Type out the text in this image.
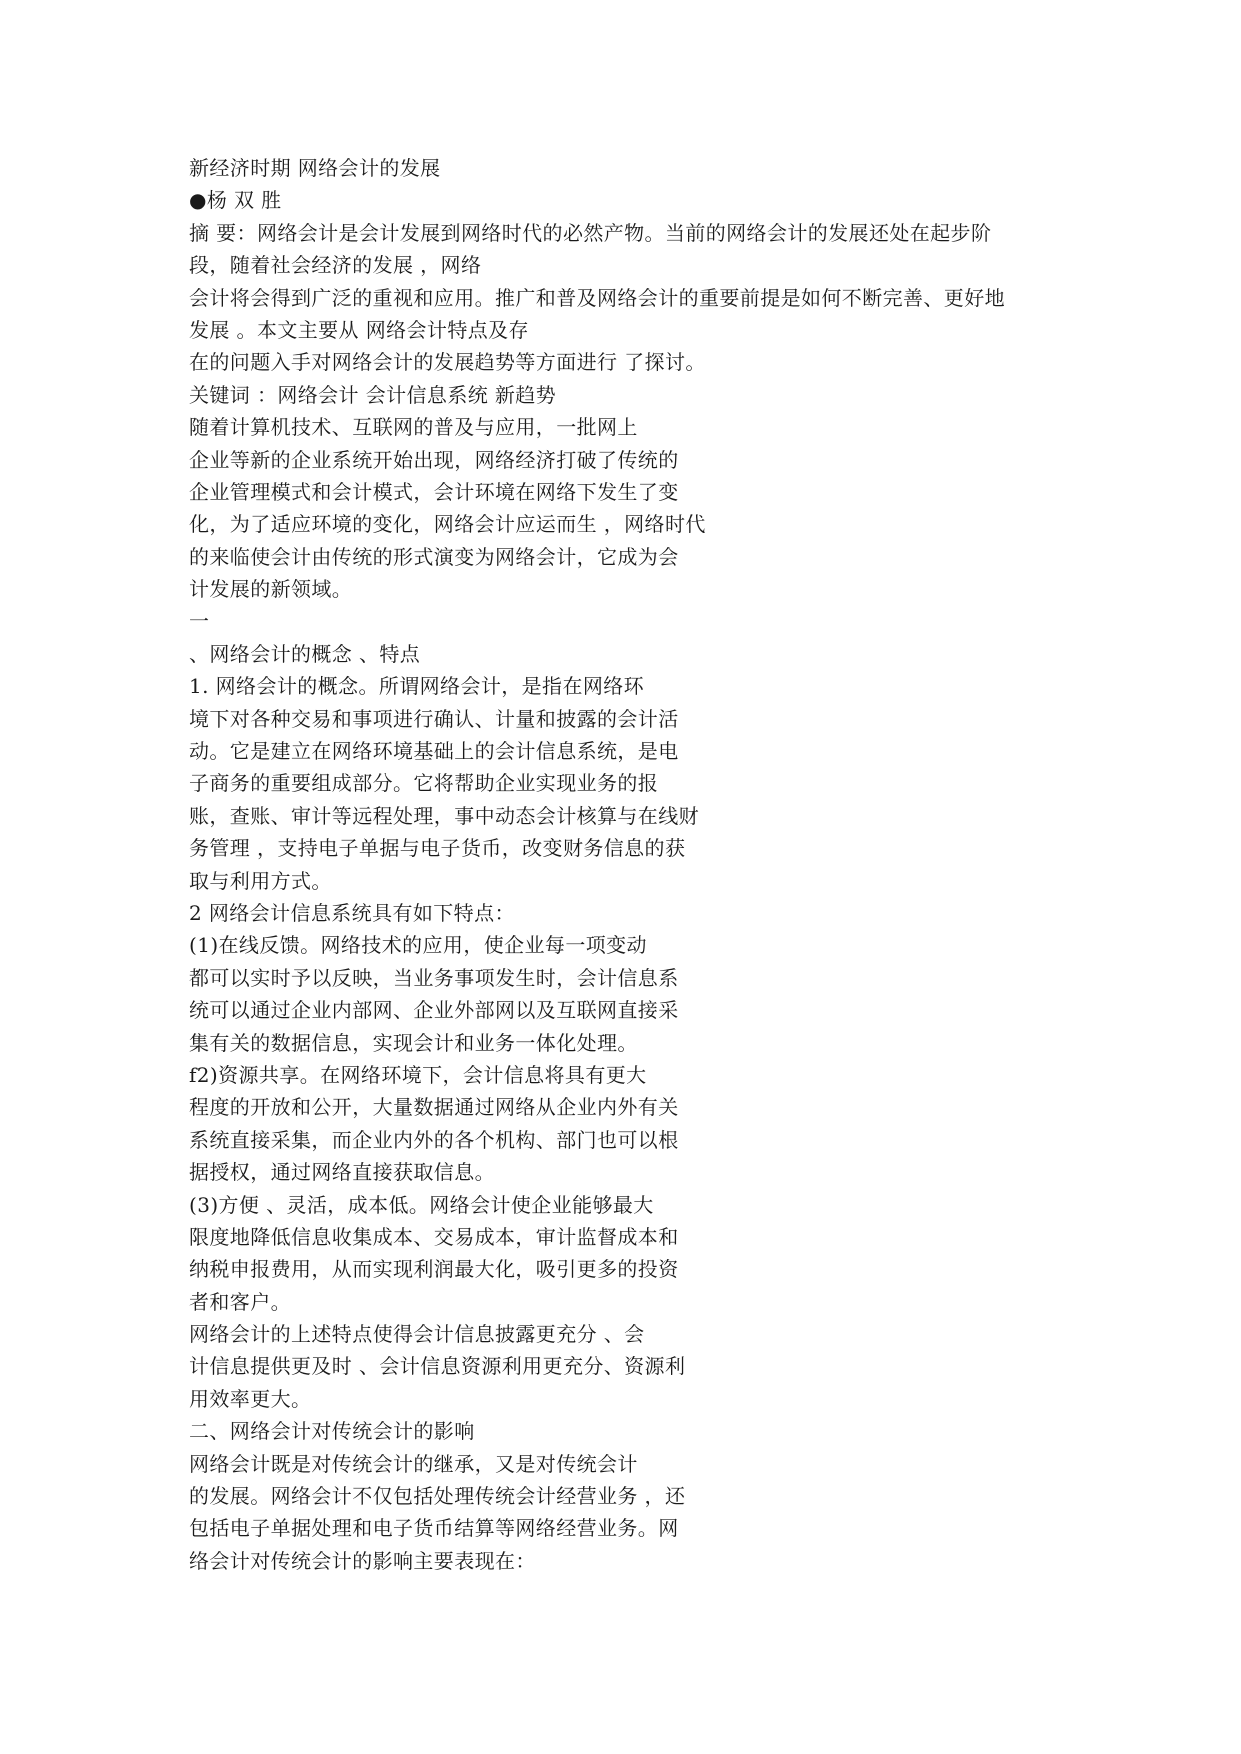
新经济时期 网络会计的发展
●杨 双 胜
摘 要：网络会计是会计发展到网络时代的必然产物。当前的网络会计的发展还处在起步阶
段，随着社会经济的发展 ，网络
会计将会得到广泛的重视和应用。推广和普及网络会计的重要前提是如何不断完善、更好地
发展 。本文主要从 网络会计特点及存
在的问题入手对网络会计的发展趋势等方面进行 了探讨。
关键词 ：网络会计 会计信息系统 新趋势
随着计算机技术、互联网的普及与应用，一批网上
企业等新的企业系统开始出现，网络经济打破了传统的
企业管理模式和会计模式，会计环境在网络下发生了变
化，为了适应环境的变化，网络会计应运而生 ，网络时代
的来临使会计由传统的形式演变为网络会计，它成为会
计发展的新领域。
一
、网络会计的概念 、特点
1. 网络会计的概念。所谓网络会计，是指在网络环
境下对各种交易和事项进行确认、计量和披露的会计活
动。它是建立在网络环境基础上的会计信息系统，是电
子商务的重要组成部分。它将帮助企业实现业务的报
账，查账、审计等远程处理，事中动态会计核算与在线财
务管理 ，支持电子单据与电子货币，改变财务信息的获
取与利用方式。
2 网络会计信息系统具有如下特点：
(1)在线反馈。网络技术的应用，使企业每一项变动
都可以实时予以反映，当业务事项发生时，会计信息系
统可以通过企业内部网、企业外部网以及互联网直接采
集有关的数据信息，实现会计和业务一体化处理。
f2)资源共享。在网络环境下，会计信息将具有更大
程度的开放和公开，大量数据通过网络从企业内外有关
系统直接采集，而企业内外的各个机构、部门也可以根
据授权，通过网络直接获取信息。
(3)方便 、灵活，成本低。网络会计使企业能够最大
限度地降低信息收集成本、交易成本，审计监督成本和
纳税申报费用，从而实现利润最大化，吸引更多的投资
者和客户。
网络会计的上述特点使得会计信息披露更充分 、会
计信息提供更及时 、会计信息资源利用更充分、资源利
用效率更大。
二、网络会计对传统会计的影响
网络会计既是对传统会计的继承，又是对传统会计
的发展。网络会计不仅包括处理传统会计经营业务 ，还
包括电子单据处理和电子货币结算等网络经营业务。网
络会计对传统会计的影响主要表现在：
